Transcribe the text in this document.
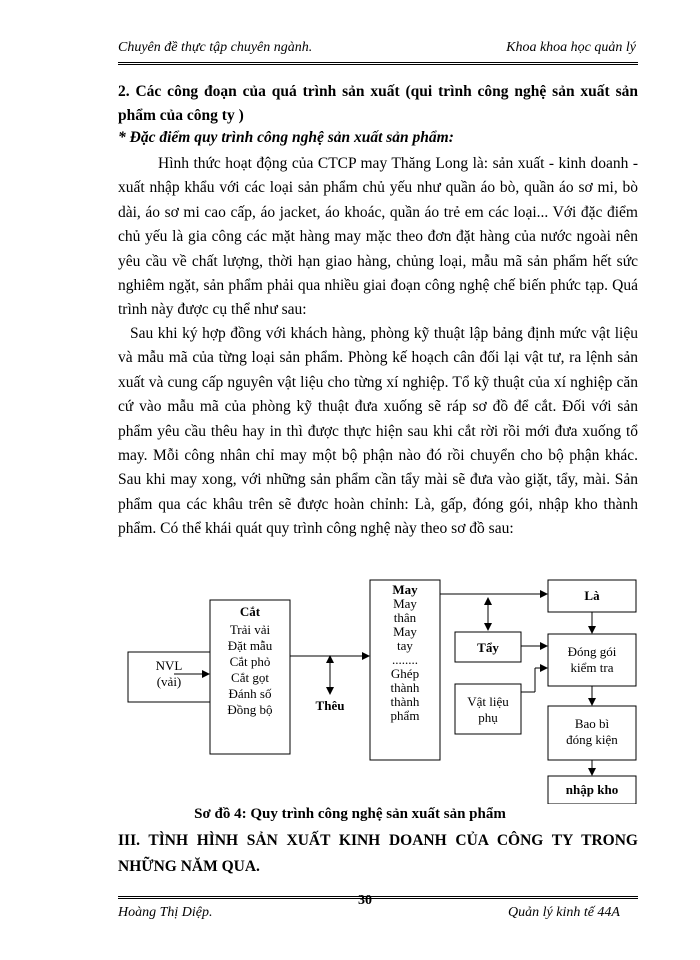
Chuyên đề thực tập chuyên ngành.	Khoa khoa học quản lý
2. Các công đoạn của quá trình sản xuất (qui trình công nghệ sản xuất sản phẩm của công ty )
* Đặc điểm quy trình công nghệ sản xuất sản phẩm:

Hình thức hoạt động của CTCP may Thăng Long là: sản xuất - kinh doanh - xuất nhập khẩu với các loại sản phẩm chủ yếu như quần áo bò, quần áo sơ mi, bò dài, áo sơ mi cao cấp, áo jacket, áo khoác, quần áo trẻ em các loại... Với đặc điểm chủ yếu là gia công các mặt hàng may mặc theo đơn đặt hàng của nước ngoài nên yêu cầu về chất lượng, thời hạn giao hàng, chủng loại, mẫu mã sản phẩm hết sức nghiêm ngặt, sản phẩm phải qua nhiều giai đoạn công nghệ chế biến phức tạp. Quá trình này được cụ thể như sau:

Sau khi ký hợp đồng với khách hàng, phòng kỹ thuật lập bảng định mức vật liệu và mẫu mã của từng loại sản phẩm. Phòng kế hoạch cân đối lại vật tư, ra lệnh sản xuất và cung cấp nguyên vật liệu cho từng xí nghiệp. Tổ kỹ thuật của xí nghiệp căn cứ vào mẫu mã của phòng kỹ thuật đưa xuống sẽ ráp sơ đồ để cắt. Đối với sản phẩm yêu cầu thêu hay in thì được thực hiện sau khi cắt rời rồi mới đưa xuống tổ may. Mỗi công nhân chỉ may một bộ phận nào đó rồi chuyển cho bộ phận khác. Sau khi may xong, với những sản phẩm cần tẩy mài sẽ đưa vào giặt, tẩy, mài. Sản phẩm qua các khâu trên sẽ được hoàn chỉnh: Là, gấp, đóng gói, nhập kho thành phẩm. Có thể khái quát quy trình công nghệ này theo sơ đồ sau:

NVL
(vải)
Cắt
Trải vải
Đặt mẫu
Cắt phỏ
Cắt gọt
Đánh số
Đồng bộ	Thêu
May
May
thân
May
tay
........
Ghép
thành
thành
phẩm
Tẩy
Vật liệu
phụ
Là
Đóng gói
kiểm tra
Bao bì
đóng kiện
nhập kho
Sơ đồ 4: Quy trình công nghệ sản xuất sản phẩm
III. TÌNH HÌNH SẢN XUẤT KINH DOANH CỦA CÔNG TY TRONG NHỮNG NĂM QUA.
Hoàng Thị Diệp.
30
Quản lý kinh tế 44A
